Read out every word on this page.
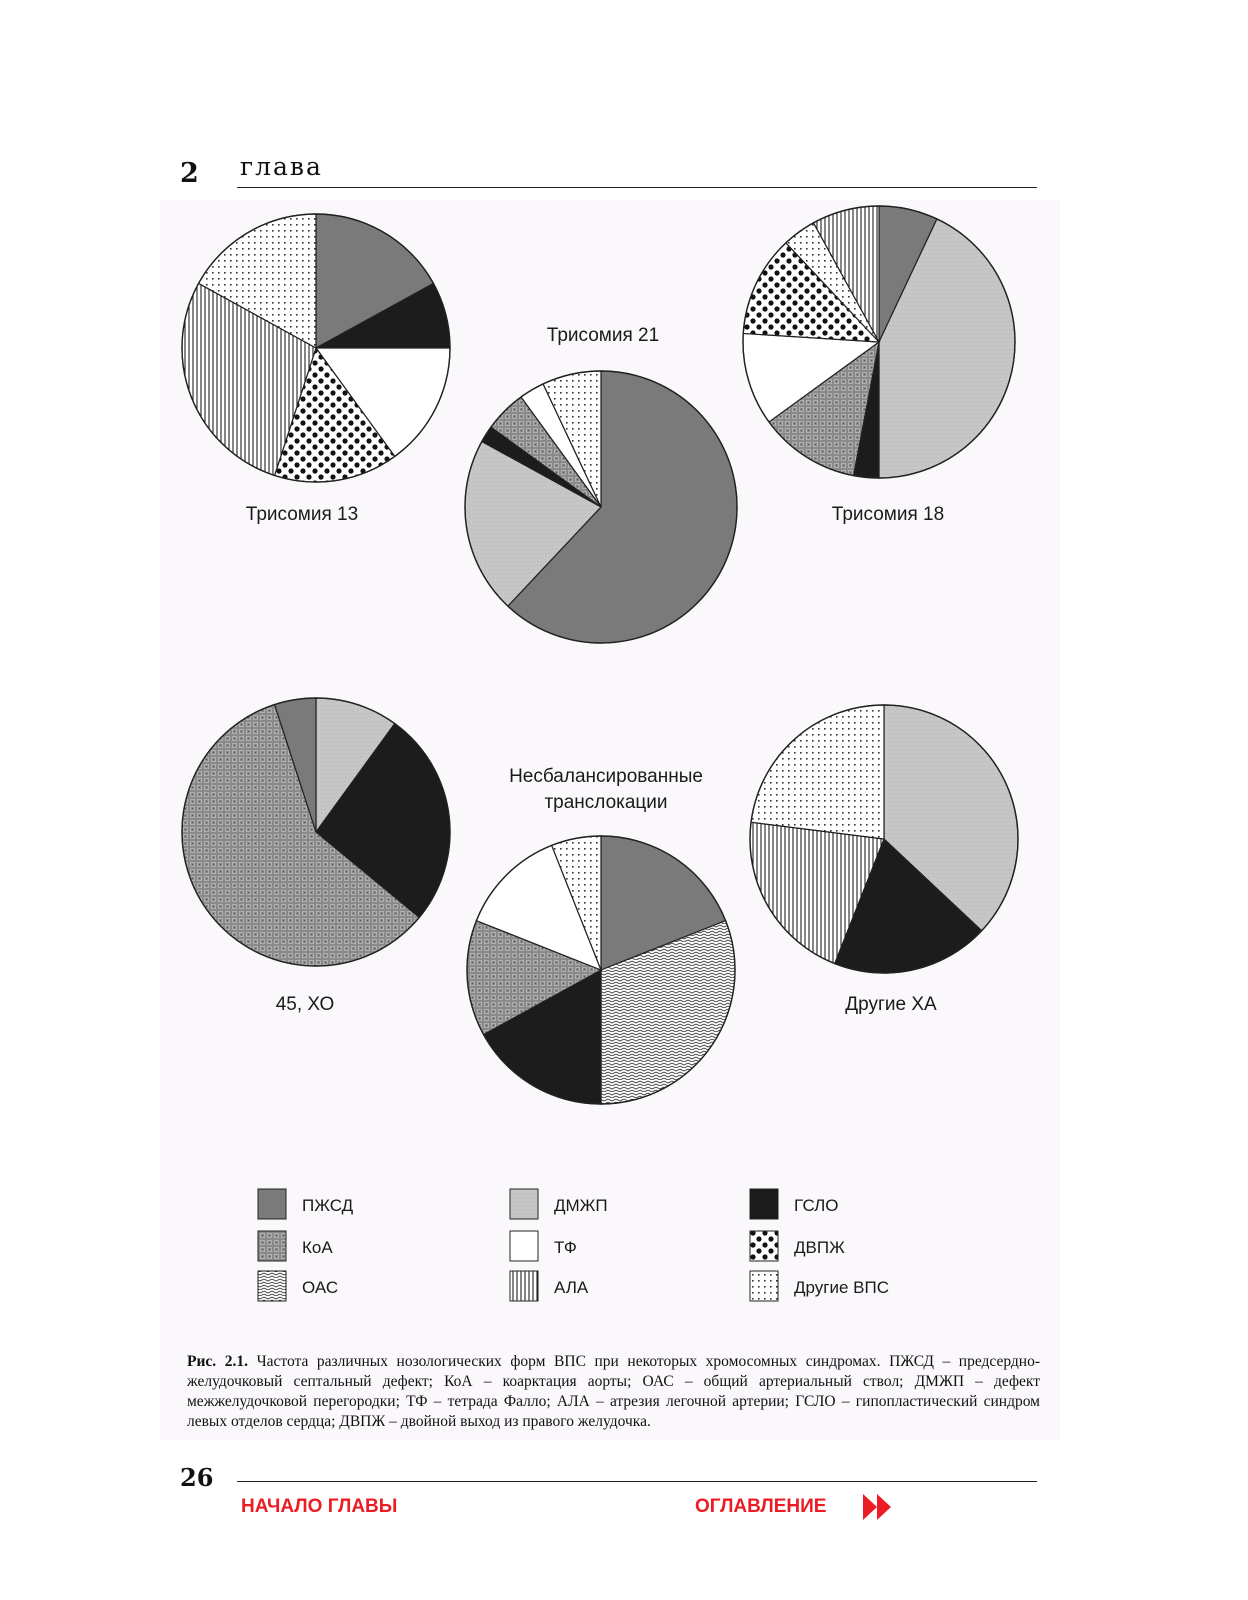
2 глава
Трисомия 13
Трисомия 21
Трисомия 18
45, ХО
Несбалансированные транслокации
Другие ХА
ПЖСД	ДМЖП	ГСЛО
КоА	ТФ	ДВПЖ
ОАС	АЛА	Другие ВПС
Рис. 2.1. Частота различных нозологических форм ВПС при некоторых хромосомных синдромах. ПЖСД – предсердно-желудочковый септальный дефект; КоА – коарктация аорты; ОАС – общий артериальный ствол; ДМЖП – дефект межжелудочковой перегородки; ТФ – тетрада Фалло; АЛА – атрезия легочной артерии; ГСЛО – гипопластический синдром левых отделов сердца; ДВПЖ – двойной выход из правого желудочка.
26
НАЧАЛО ГЛАВЫ	ОГЛАВЛЕНИЕ
